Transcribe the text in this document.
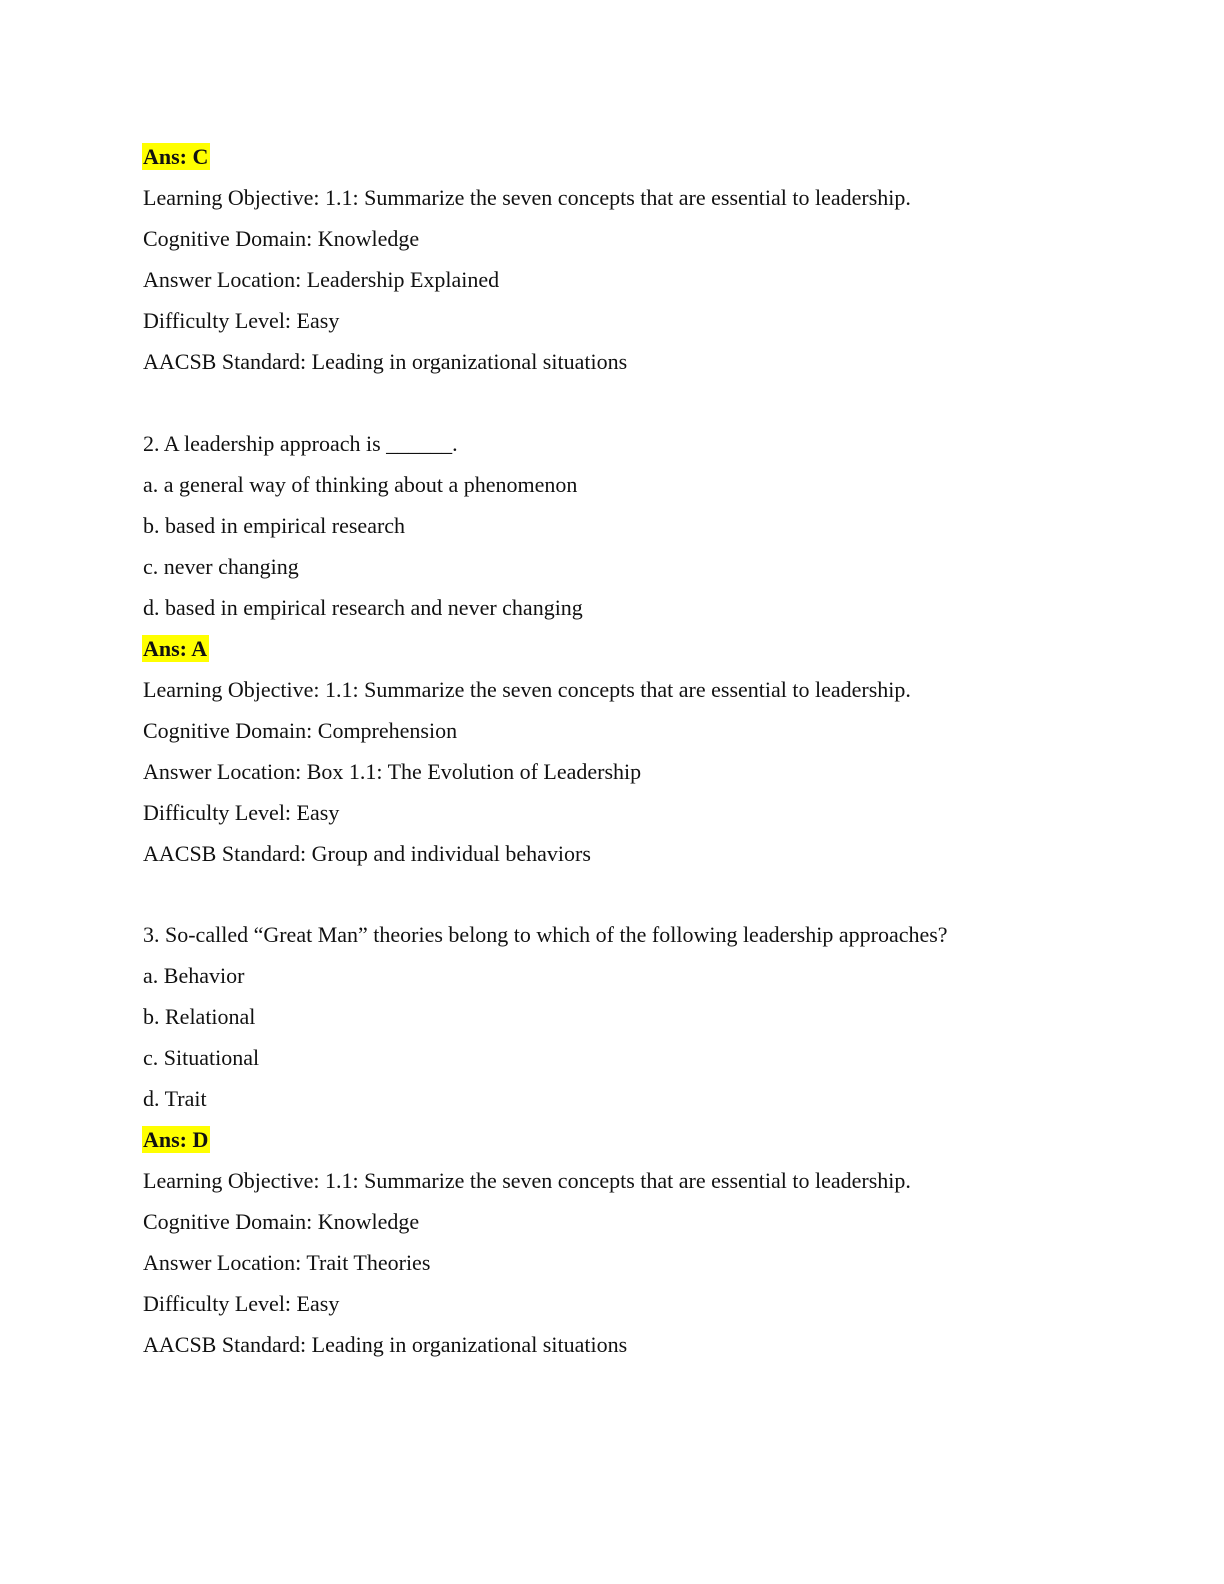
Ans: C
Learning Objective: 1.1: Summarize the seven concepts that are essential to leadership.
Cognitive Domain: Knowledge
Answer Location: Leadership Explained
Difficulty Level: Easy
AACSB Standard: Leading in organizational situations
2. A leadership approach is ______.
a. a general way of thinking about a phenomenon
b. based in empirical research
c. never changing
d. based in empirical research and never changing
Ans: A
Learning Objective: 1.1: Summarize the seven concepts that are essential to leadership.
Cognitive Domain: Comprehension
Answer Location: Box 1.1: The Evolution of Leadership
Difficulty Level: Easy
AACSB Standard: Group and individual behaviors
3. So-called “Great Man” theories belong to which of the following leadership approaches?
a. Behavior
b. Relational
c. Situational
d. Trait
Ans: D
Learning Objective: 1.1: Summarize the seven concepts that are essential to leadership.
Cognitive Domain: Knowledge
Answer Location: Trait Theories
Difficulty Level: Easy
AACSB Standard: Leading in organizational situations
